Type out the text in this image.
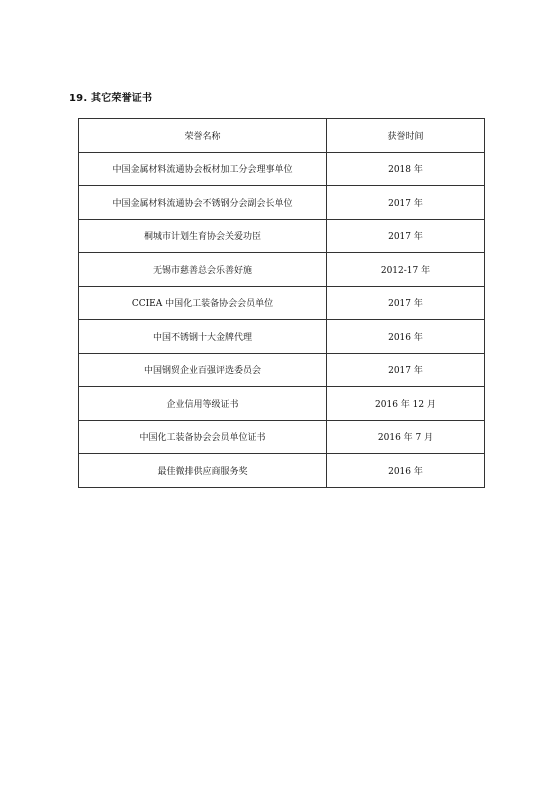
19. 其它荣誉证书
荣誉名称	获誉时间
中国金属材料流通协会板材加工分会理事单位	2018 年
中国金属材料流通协会不锈钢分会副会长单位	2017 年
桐城市计划生育协会关爱功臣	2017 年
无锡市慈善总会乐善好施	2012-17 年
CCIEA 中国化工装备协会会员单位	2017 年
中国不锈钢十大金牌代理	2016 年
中国钢贸企业百强评选委员会	2017 年
企业信用等级证书	2016 年 12 月
中国化工装备协会会员单位证书	2016 年 7 月
最佳微排供应商服务奖	2016 年
